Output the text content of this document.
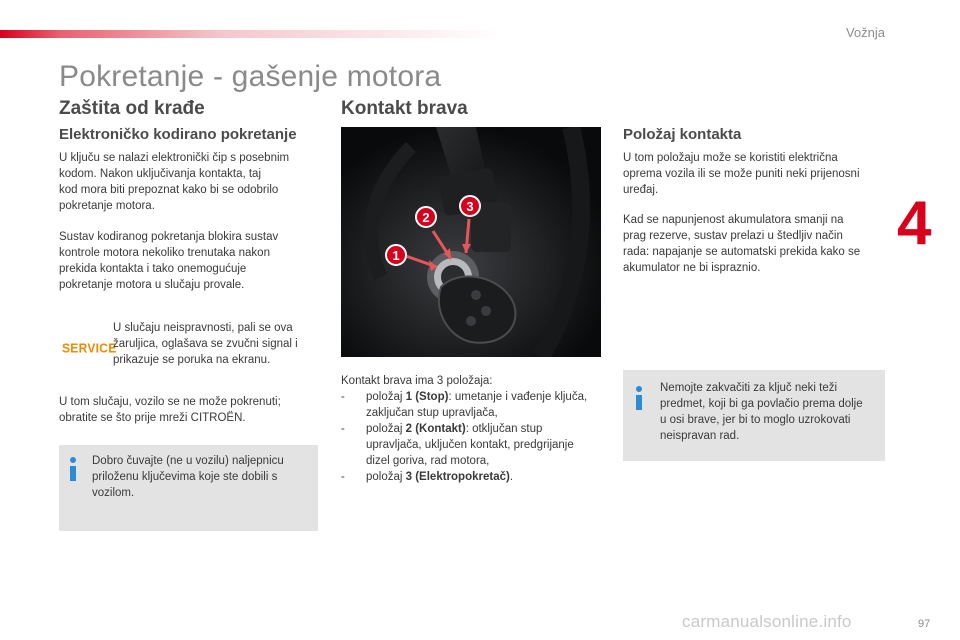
Vožnja
4
Pokretanje - gašenje motora
Zaštita od krađe
Elektroničko kodirano pokretanje
U ključu se nalazi elektronički čip s posebnim
kodom. Nakon uključivanja kontakta, taj
kod mora biti prepoznat kako bi se odobrilo
pokretanje motora.
Sustav kodiranog pokretanja blokira sustav
kontrole motora nekoliko trenutaka nakon
prekida kontakta i tako onemogućuje
pokretanje motora u slučaju provale.
SERVICE
U slučaju neispravnosti, pali se ova
žaruljica, oglašava se zvučni signal i
prikazuje se poruka na ekranu.
U tom slučaju, vozilo se ne može pokrenuti;
obratite se što prije mreži CITROËN.
Dobro čuvajte (ne u vozilu) naljepnicu
priloženu ključevima koje ste dobili s
vozilom.
Kontakt brava
1
2
3
Kontakt brava ima 3 položaja:
- položaj 1 (Stop): umetanje i vađenje ključa,
zaključan stup upravljača,
- položaj 2 (Kontakt): otključan stup
upravljača, uključen kontakt, predgrijanje
dizel goriva, rad motora,
- položaj 3 (Elektropokretač).
Položaj kontakta
U tom položaju može se koristiti električna
oprema vozila ili se može puniti neki prijenosni
uređaj.
Kad se napunjenost akumulatora smanji na
prag rezerve, sustav prelazi u štedljiv način
rada: napajanje se automatski prekida kako se
akumulator ne bi ispraznio.
Nemojte zakvačiti za ključ neki teži
predmet, koji bi ga povlačio prema dolje
u osi brave, jer bi to moglo uzrokovati
neispravan rad.
carmanualsonline.info	97
